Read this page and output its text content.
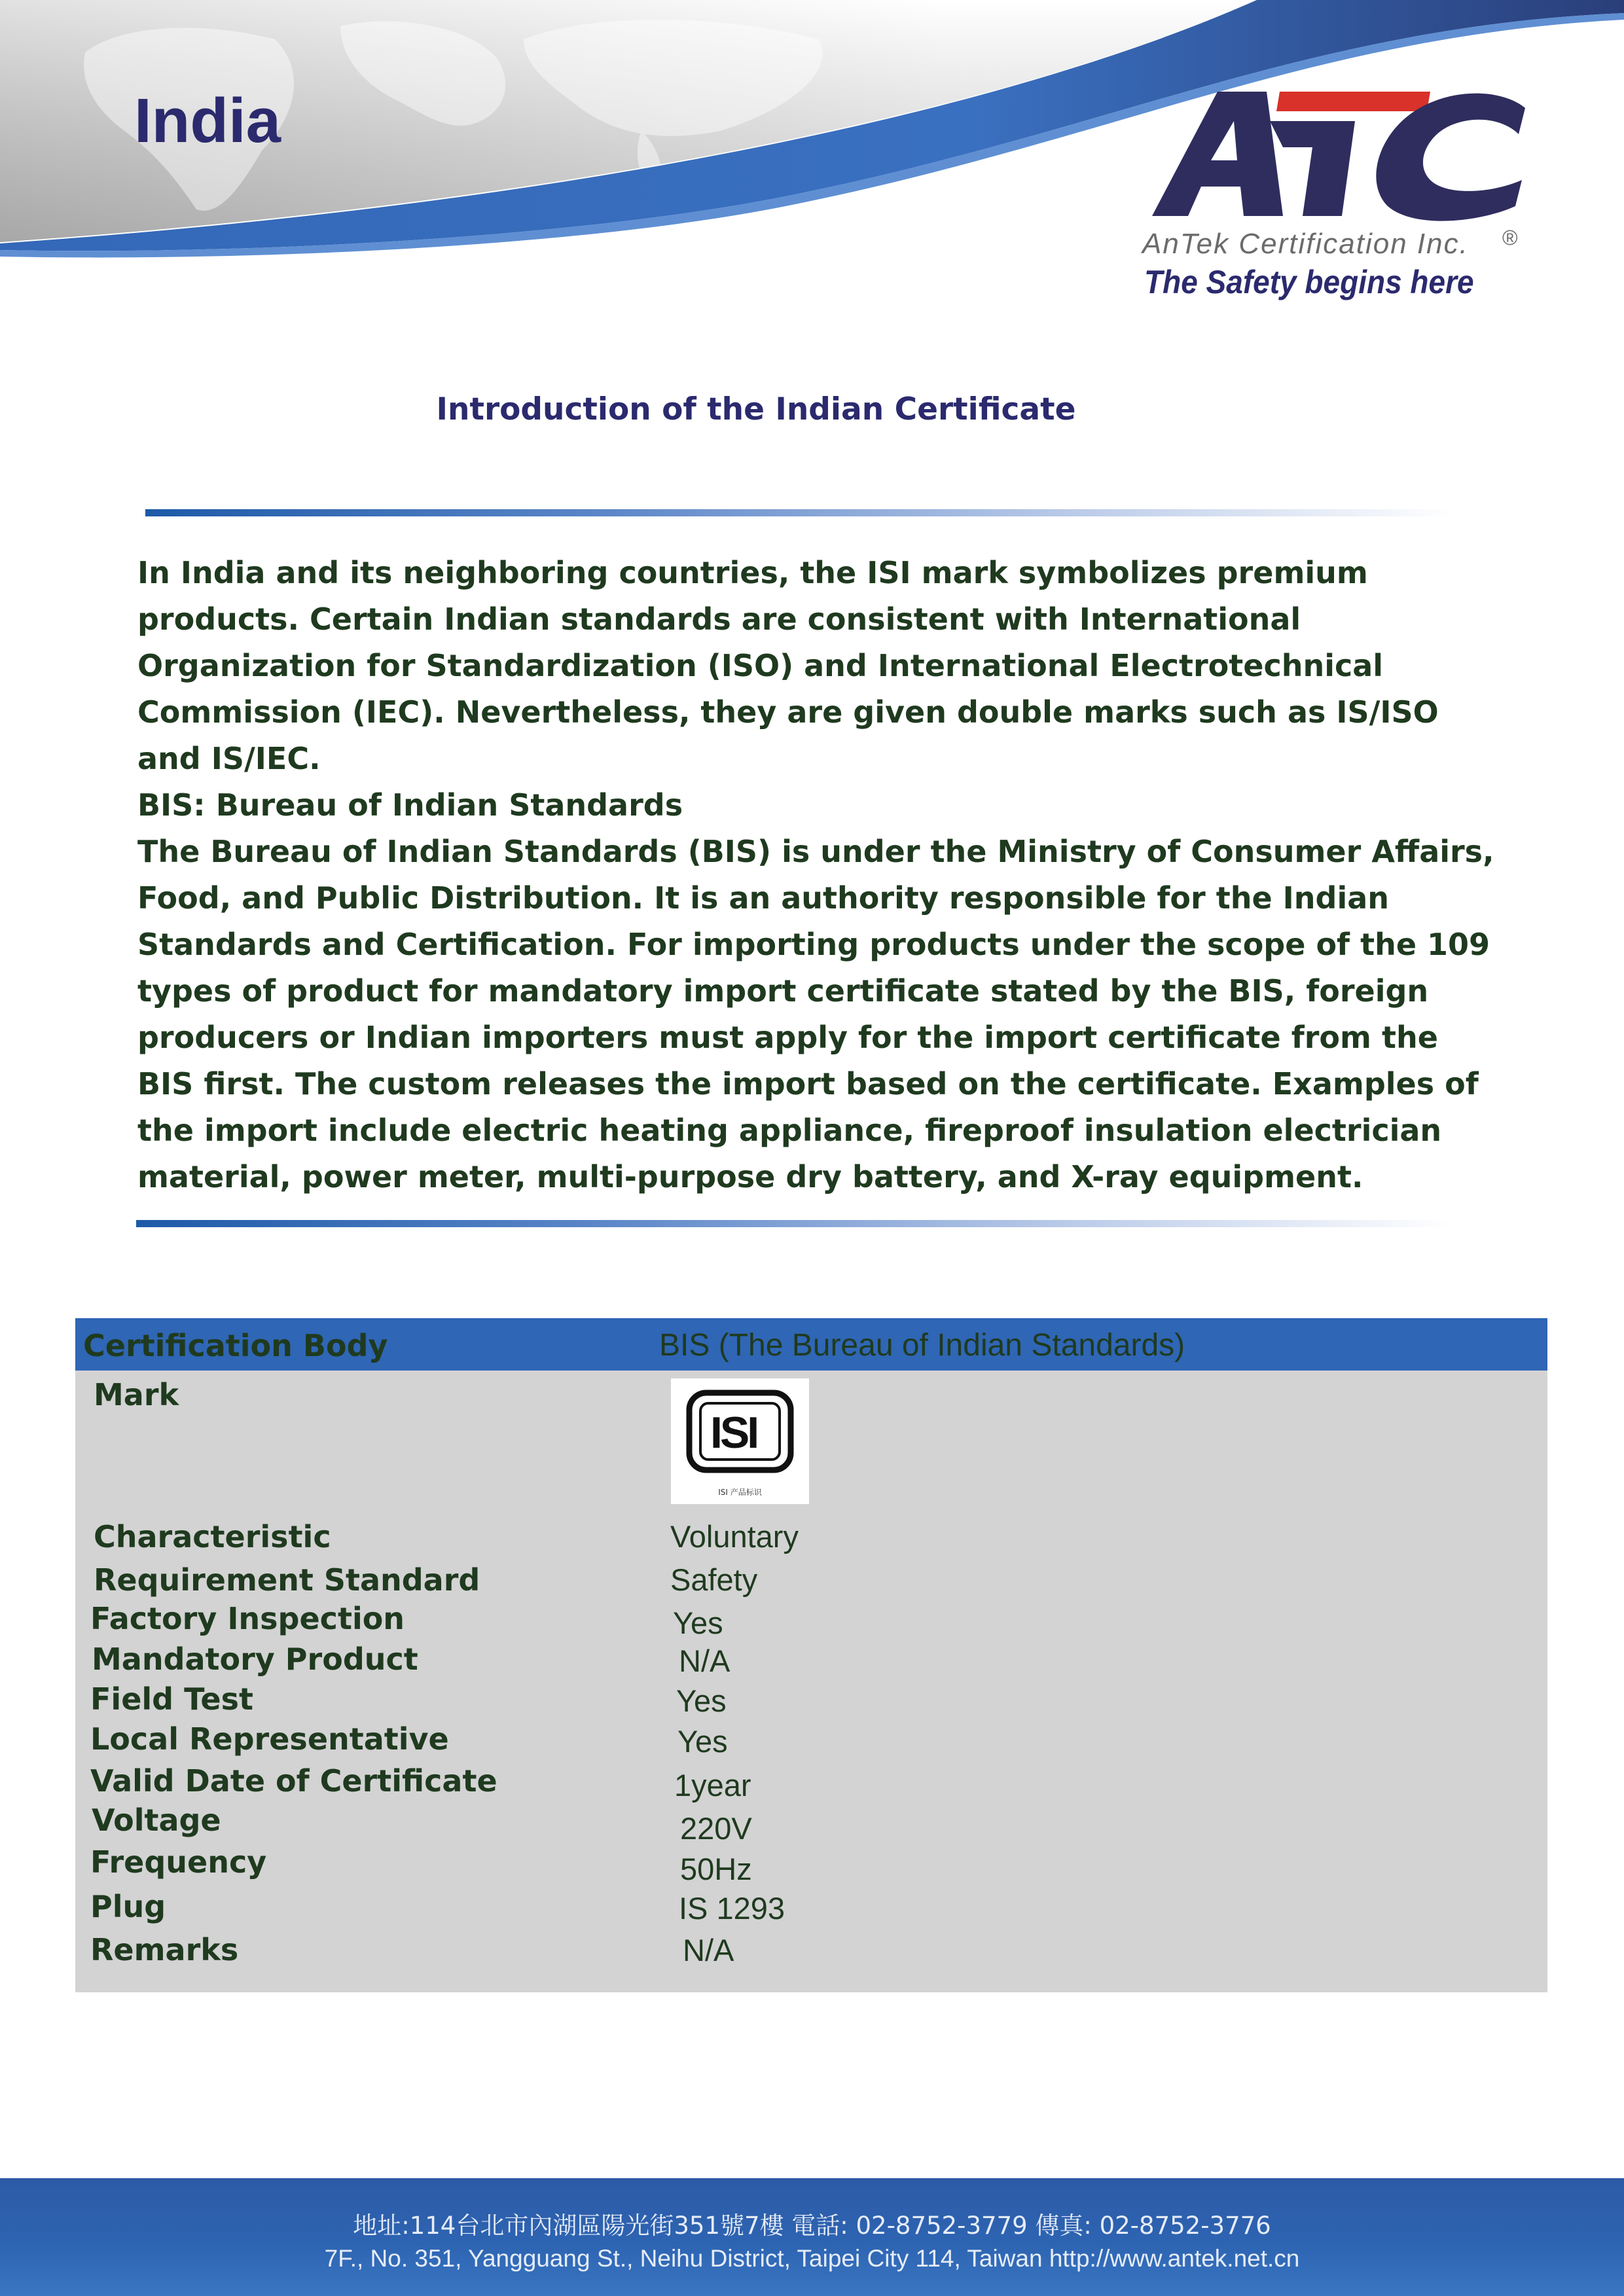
India
AnTek Certification Inc. ®
The Safety begins here
Introduction of the Indian Certificate

In India and its neighboring countries, the ISI mark symbolizes premium

products. Certain Indian standards are consistent with International

Organization for Standardization (ISO) and International Electrotechnical

Commission (IEC). Nevertheless, they are given double marks such as IS/ISO

and IS/IEC.

BIS: Bureau of Indian Standards

The Bureau of Indian Standards (BIS) is under the Ministry of Consumer Affairs,

Food, and Public Distribution. It is an authority responsible for the Indian

Standards and Certification. For importing products under the scope of the 109

types of product for mandatory import certificate stated by the BIS, foreign

producers or Indian importers must apply for the import certificate from the

BIS first. The custom releases the import based on the certificate. Examples of

the import include electric heating appliance, fireproof insulation electrician

material, power meter, multi-purpose dry battery, and X-ray equipment.

Certification Body	BIS (The Bureau of Indian Standards)
Mark
ISI
ISI 产品标识
Characteristic	Voluntary
Requirement Standard	Safety
Factory Inspection	Yes
Mandatory Product	N/A
Field Test	Yes
Local Representative	Yes
Valid Date of Certificate	1year
Voltage	220V
Frequency	50Hz
Plug	IS 1293
Remarks	N/A
地址:114台北市內湖區陽光街351號7樓 電話: 02-8752-3779 傳真: 02-8752-3776
7F., No. 351, Yangguang St., Neihu District, Taipei City 114, Taiwan http://www.antek.net.cn
